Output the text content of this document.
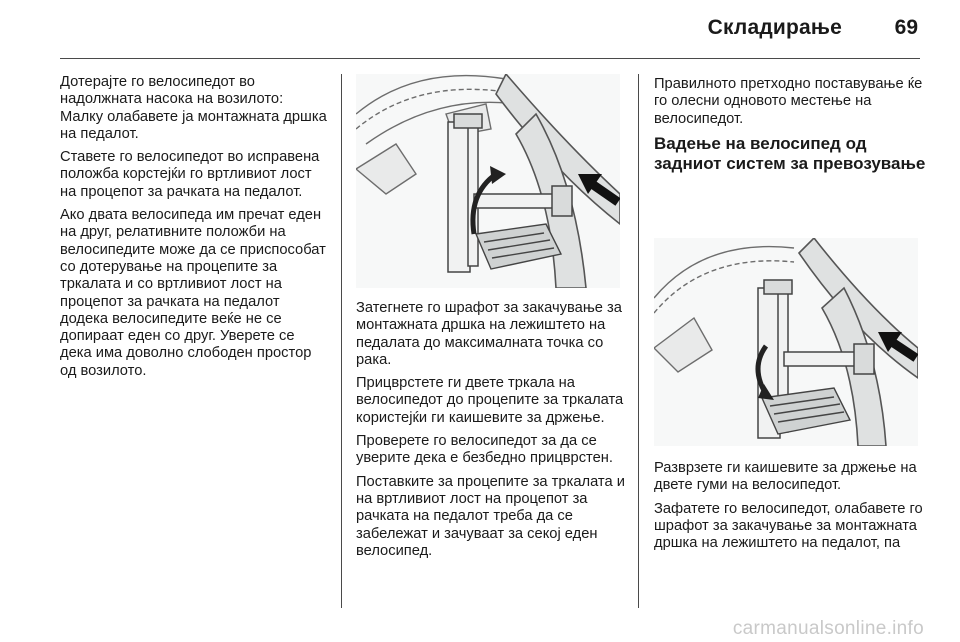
Складирање	69

Дотерајте го велосипедот во надолжната насока на возилото: Малку олабавете ја монтажната дршка на педалот.

Ставете го велосипедот во исправена положба корстејќи го вртливиот лост на процепот за рачката на педалот.

Ако двата велосипеда им пречат еден на друг, релативните положби на велосипедите може да се приспособат со дотерување на процепите за тркалата и со вртливиот лост на процепот за рачката на педалот додека велосипедите веќе не се допираат еден со друг. Уверете се дека има доволно слободен простор од возилото.

Затегнете го шрафот за закачување за монтажната дршка на лежиштето на педалата до максималната точка со рака.

Прицврстете ги двете тркала на велосипедот до процепите за тркалата користејќи ги каишевите за држење.

Проверете го велосипедот за да се уверите дека е безбедно прицврстен.

Поставките за процепите за тркалата и на вртливиот лост на процепот за рачката на педалот треба да се забележат и зачуваат за секој еден велосипед.

Правилното претходно поставување ќе го олесни одновото местење на велосипедот.

Вадење на велосипед од задниот систем за превозување

Разврзете ги каишевите за држење на двете гуми на велосипедот.

Зафатете го велосипедот, олабавете го шрафот за закачување за монтажната дршка на лежиштето на педалот, па

carmanualsonline.info
